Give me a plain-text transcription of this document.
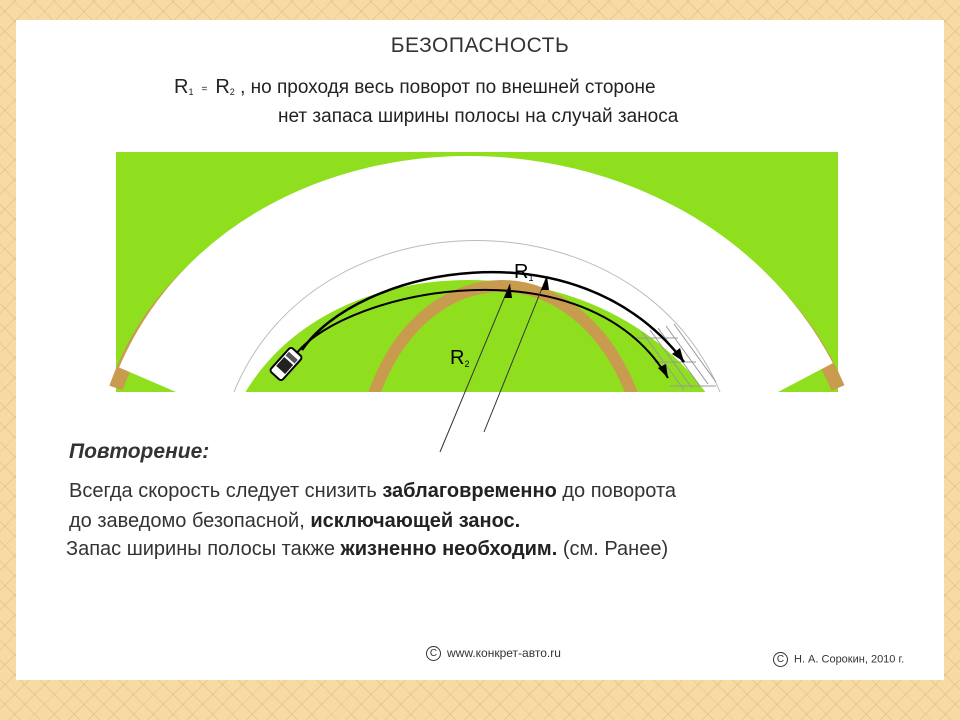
БЕЗОПАСНОСТЬ
R1 = R2 , но проходя весь поворот по внешней стороне
нет запаса ширины полосы на случай заноса
R1
R2
Повторение:
Всегда скорость следует снизить заблаговременно до поворота
до заведомо безопасной, исключающей занос.
Запас ширины полосы также жизненно необходим. (см. Ранее)
C www.конкрет-авто.ru	C Н. А. Сорокин, 2010 г.
